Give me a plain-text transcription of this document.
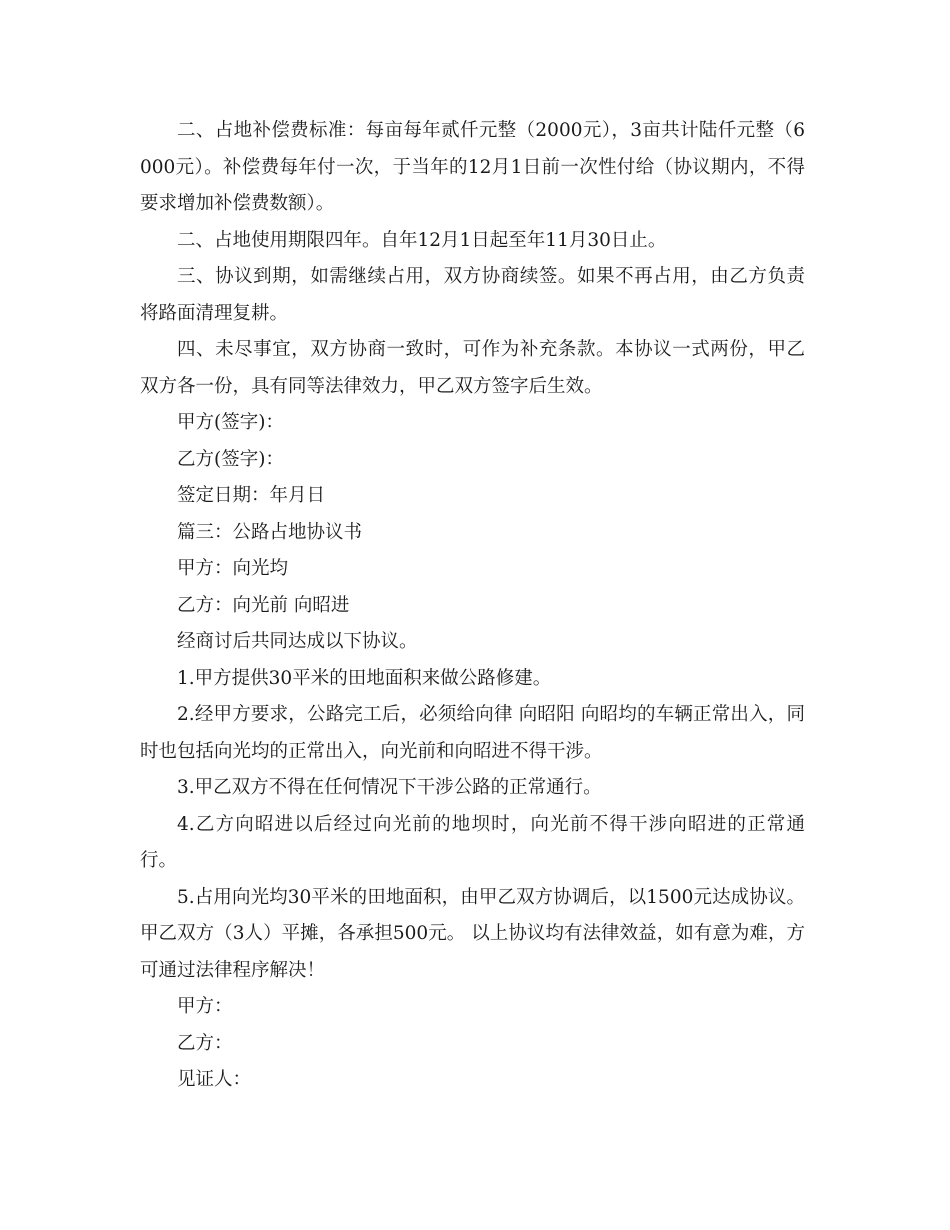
二、占地补偿费标准：每亩每年贰仟元整（2000元），3亩共计陆仟元整（6000元）。补偿费每年付一次，于当年的12月1日前一次性付给（协议期内，不得要求增加补偿费数额）。

二、占地使用期限四年。自年12月1日起至年11月30日止。

三、协议到期，如需继续占用，双方协商续签。如果不再占用，由乙方负责将路面清理复耕。

四、未尽事宜，双方协商一致时，可作为补充条款。本协议一式两份，甲乙双方各一份，具有同等法律效力，甲乙双方签字后生效。

甲方(签字)：

乙方(签字)：

签定日期：年月日

篇三：公路占地协议书

甲方：向光均

乙方：向光前 向昭进

经商讨后共同达成以下协议。

1.甲方提供30平米的田地面积来做公路修建。

2.经甲方要求，公路完工后，必须给向律 向昭阳 向昭均的车辆正常出入，同时也包括向光均的正常出入，向光前和向昭进不得干涉。

3.甲乙双方不得在任何情况下干涉公路的正常通行。

4.乙方向昭进以后经过向光前的地坝时，向光前不得干涉向昭进的正常通行。

5.占用向光均30平米的田地面积，由甲乙双方协调后，以1500元达成协议。甲乙双方（3人）平摊，各承担500元。 以上协议均有法律效益，如有意为难，方可通过法律程序解决！

甲方：

乙方：

见证人：
